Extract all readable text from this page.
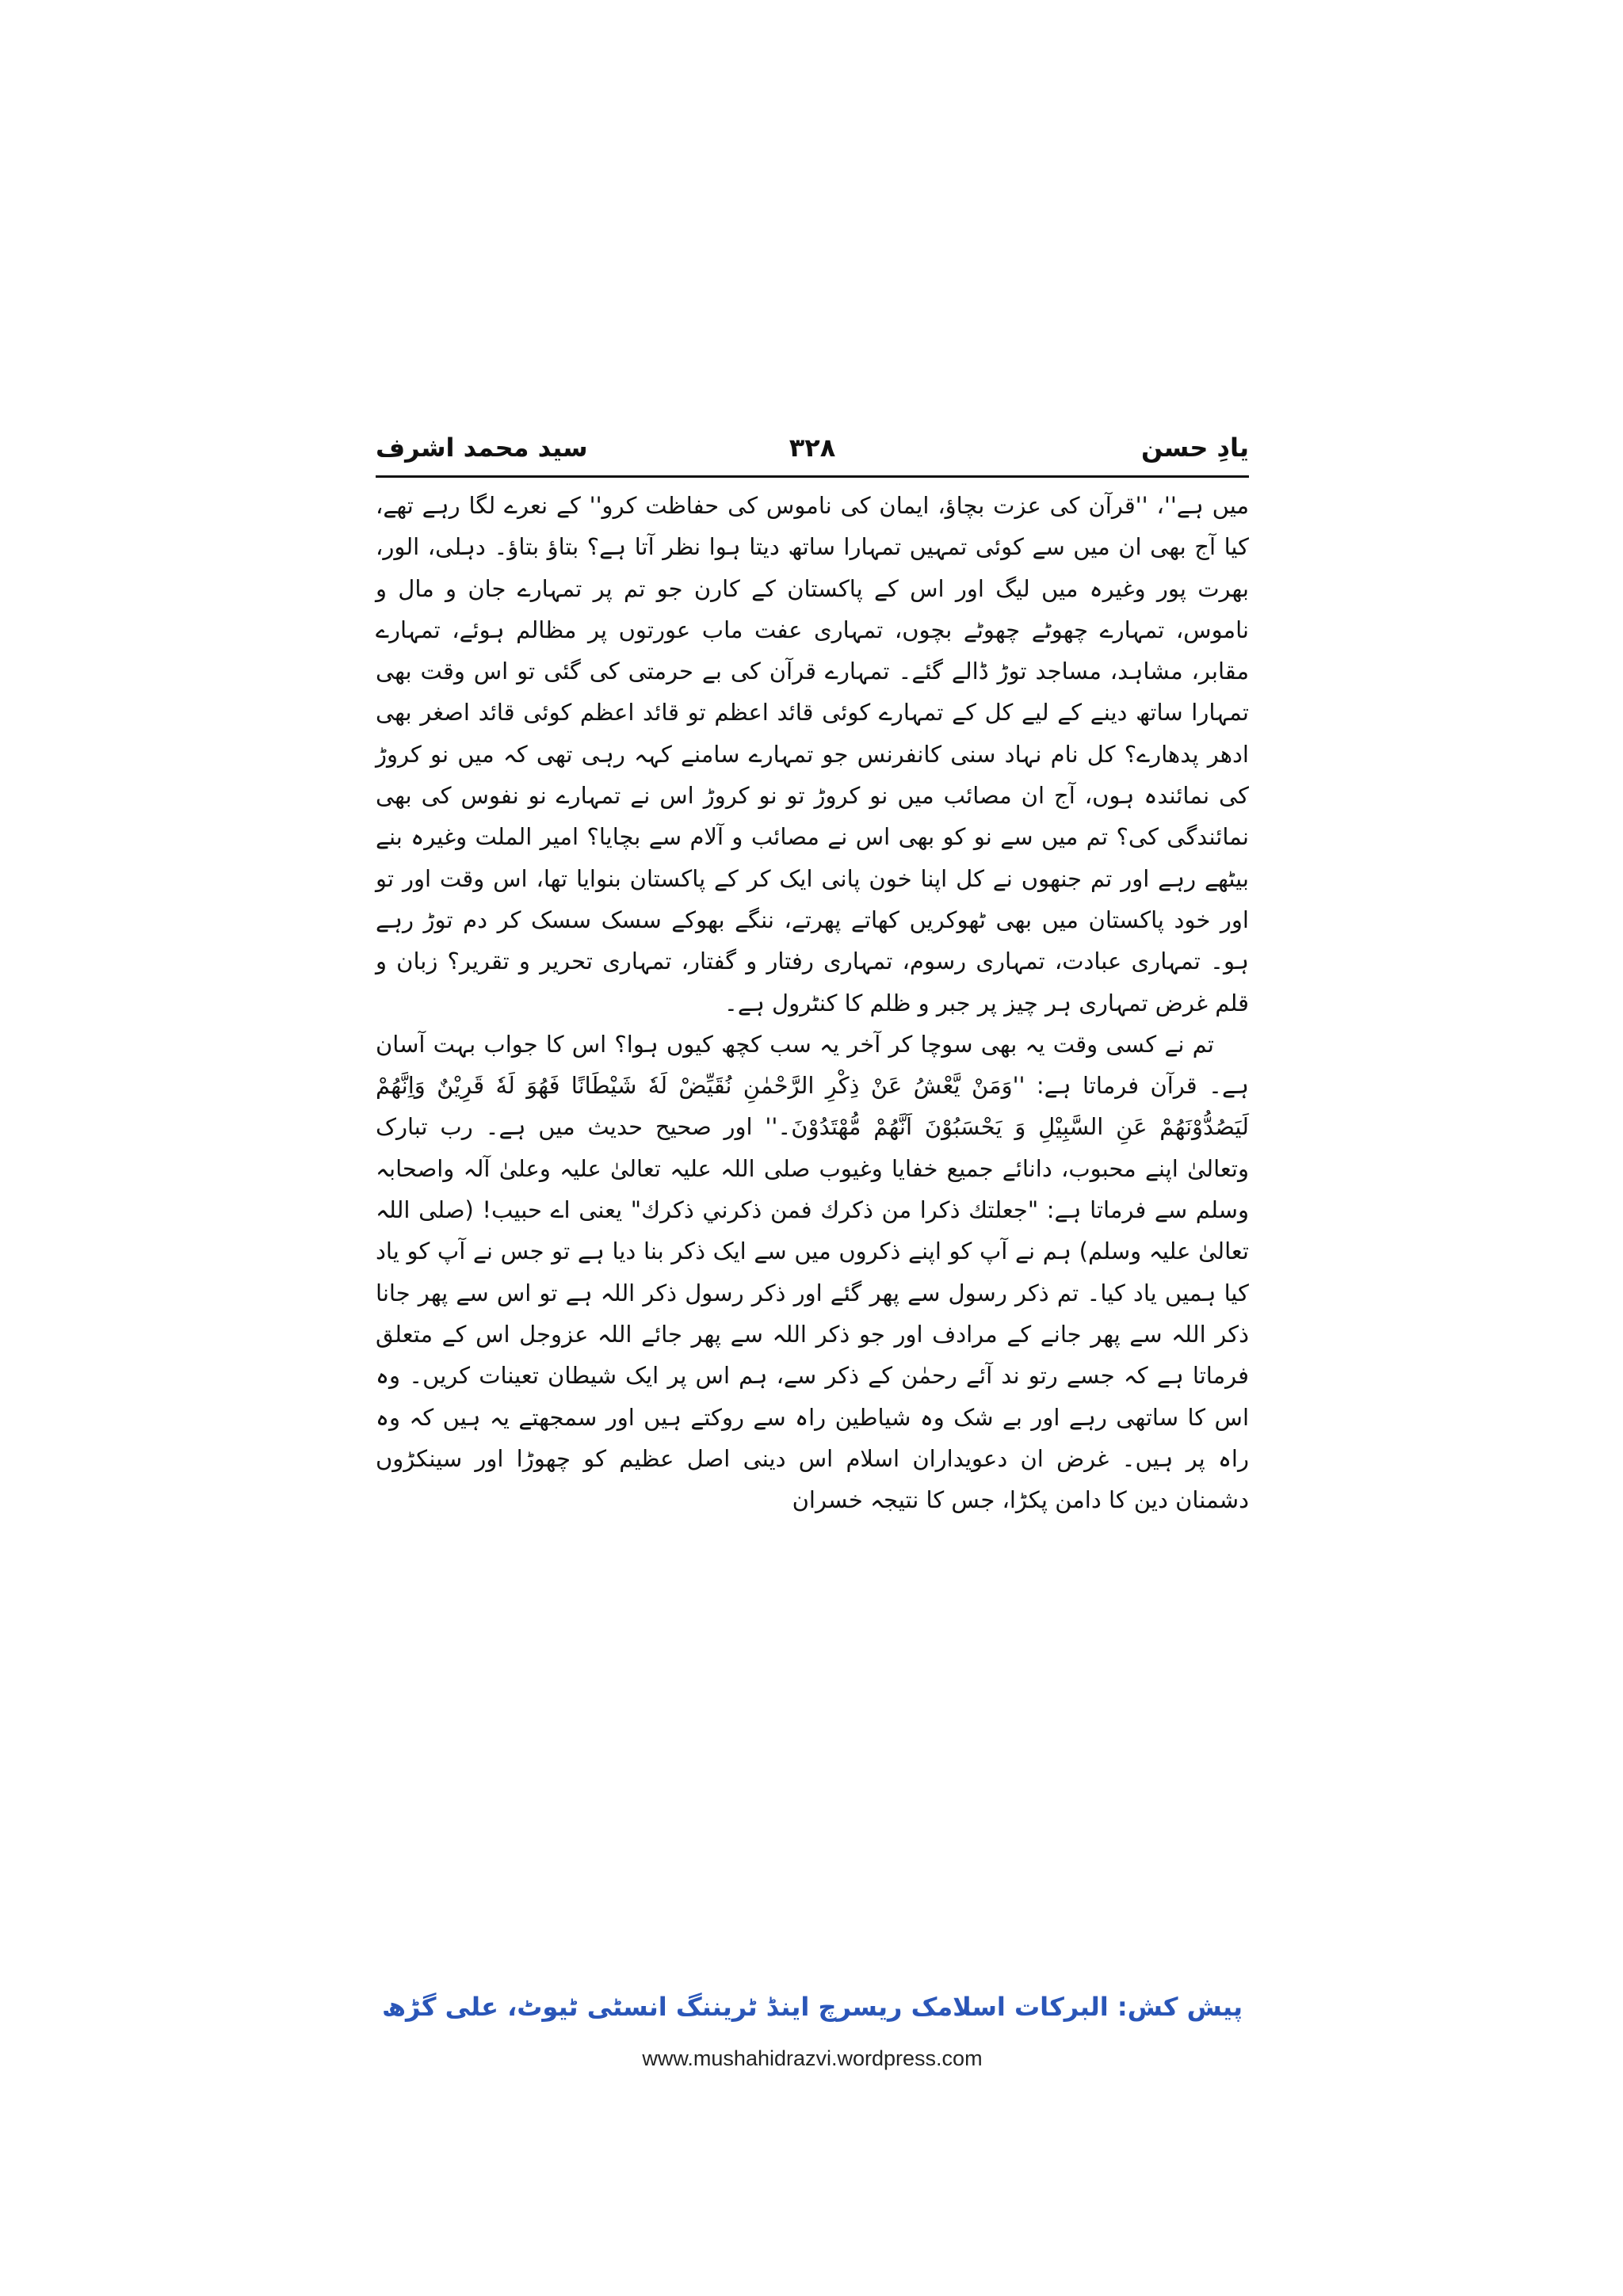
یادِ حسن
۳۲۸
سید محمد اشرف

میں ہے''، ''قرآن کی عزت بچاؤ، ایمان کی ناموس کی حفاظت کرو'' کے نعرے لگا رہے تھے، کیا آج بھی ان میں سے کوئی تمہیں تمہارا ساتھ دیتا ہوا نظر آتا ہے؟ بتاؤ بتاؤ۔ دہلی، الور، بھرت پور وغیرہ میں لیگ اور اس کے پاکستان کے کارن جو تم پر تمہارے جان و مال و ناموس، تمہارے چھوٹے چھوٹے بچوں، تمہاری عفت ماب عورتوں پر مظالم ہوئے، تمہارے مقابر، مشاہد، مساجد توڑ ڈالے گئے۔ تمہارے قرآن کی بے حرمتی کی گئی تو اس وقت بھی تمہارا ساتھ دینے کے لیے کل کے تمہارے کوئی قائد اعظم تو قائد اعظم کوئی قائد اصغر بھی ادھر پدھارے؟ کل نام نہاد سنی کانفرنس جو تمہارے سامنے کہہ رہی تھی کہ میں نو کروڑ کی نمائندہ ہوں، آج ان مصائب میں نو کروڑ تو نو کروڑ اس نے تمہارے نو نفوس کی بھی نمائندگی کی؟ تم میں سے نو کو بھی اس نے مصائب و آلام سے بچایا؟ امیر الملت وغیرہ بنے بیٹھے رہے اور تم جنھوں نے کل اپنا خون پانی ایک کر کے پاکستان بنوایا تھا، اس وقت اور تو اور خود پاکستان میں بھی ٹھوکریں کھاتے پھرتے، ننگے بھوکے سسک سسک کر دم توڑ رہے ہو۔ تمہاری عبادت، تمہاری رسوم، تمہاری رفتار و گفتار، تمہاری تحریر و تقریر؟ زبان و قلم غرض تمہاری ہر چیز پر جبر و ظلم کا کنٹرول ہے۔

تم نے کسی وقت یہ بھی سوچا کر آخر یہ سب کچھ کیوں ہوا؟ اس کا جواب بہت آسان ہے۔ قرآن فرماتا ہے: ''وَمَنْ یَّعْشُ عَنْ ذِکْرِ الرَّحْمٰنِ نُقَیِّضْ لَهٗ شَیْطَانًا فَهُوَ لَهٗ قَرِیْنٌ وَاِنَّهُمْ لَیَصُدُّوْنَهُمْ عَنِ السَّبِیْلِ وَ یَحْسَبُوْنَ اَنَّهُمْ مُّهْتَدُوْنَ۔'' اور صحیح حدیث میں ہے۔ رب تبارک وتعالیٰ اپنے محبوب، دانائے جمیع خفایا وغیوب صلی اللہ علیہ تعالیٰ علیہ وعلیٰ آلہ واصحابہ وسلم سے فرماتا ہے: "جعلتك ذكرا من ذكرك فمن ذكرني ذكرك" یعنی اے حبیب! (صلی اللہ تعالیٰ علیہ وسلم) ہم نے آپ کو اپنے ذکروں میں سے ایک ذکر بنا دیا ہے تو جس نے آپ کو یاد کیا ہمیں یاد کیا۔ تم ذکر رسول سے پھر گئے اور ذکر رسول ذکر اللہ ہے تو اس سے پھر جانا ذکر اللہ سے پھر جانے کے مرادف اور جو ذکر اللہ سے پھر جائے اللہ عزوجل اس کے متعلق فرماتا ہے کہ جسے رتو ند آئے رحمٰن کے ذکر سے، ہم اس پر ایک شیطان تعینات کریں۔ وہ اس کا ساتھی رہے اور بے شک وہ شیاطین راہ سے روکتے ہیں اور سمجھتے یہ ہیں کہ وہ راہ پر ہیں۔ غرض ان دعویداران اسلام اس دینی اصل عظیم کو چھوڑا اور سینکڑوں دشمنان دین کا دامن پکڑا، جس کا نتیجہ خسران

پیش کش: البرکات اسلامک ریسرچ اینڈ ٹریننگ انسٹی ٹیوٹ، علی گڑھ
www.mushahidrazvi.wordpress.com
